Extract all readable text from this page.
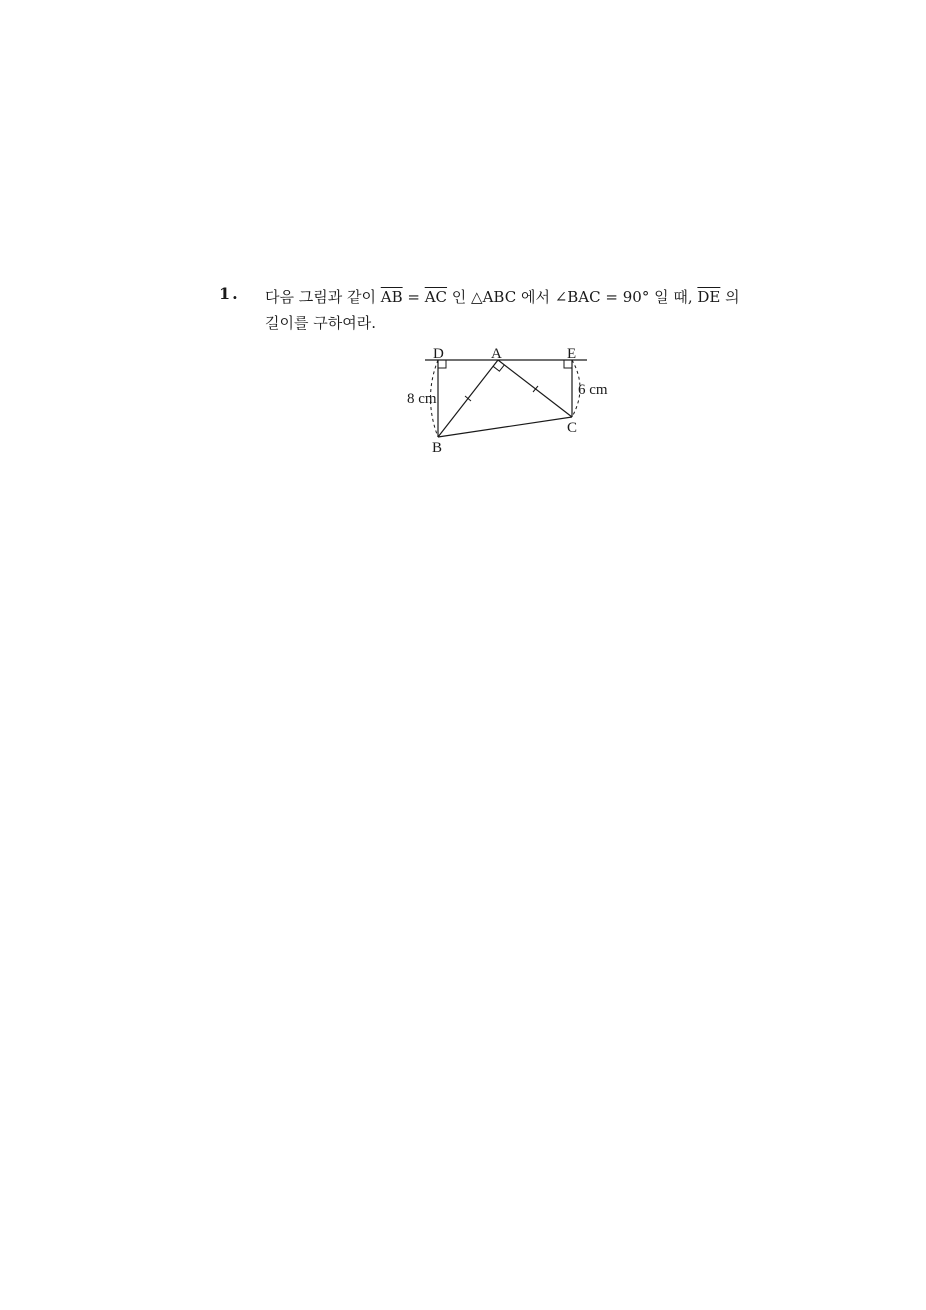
1. 다음 그림과 같이 $\overline{AB} = \overline{AC}$ 인 △ABC 에서 ∠BAC = 90° 일 때, $\overline{DE}$ 의
길이를 구하여라.
D	A	E
B
C
8 cm
6 cm
